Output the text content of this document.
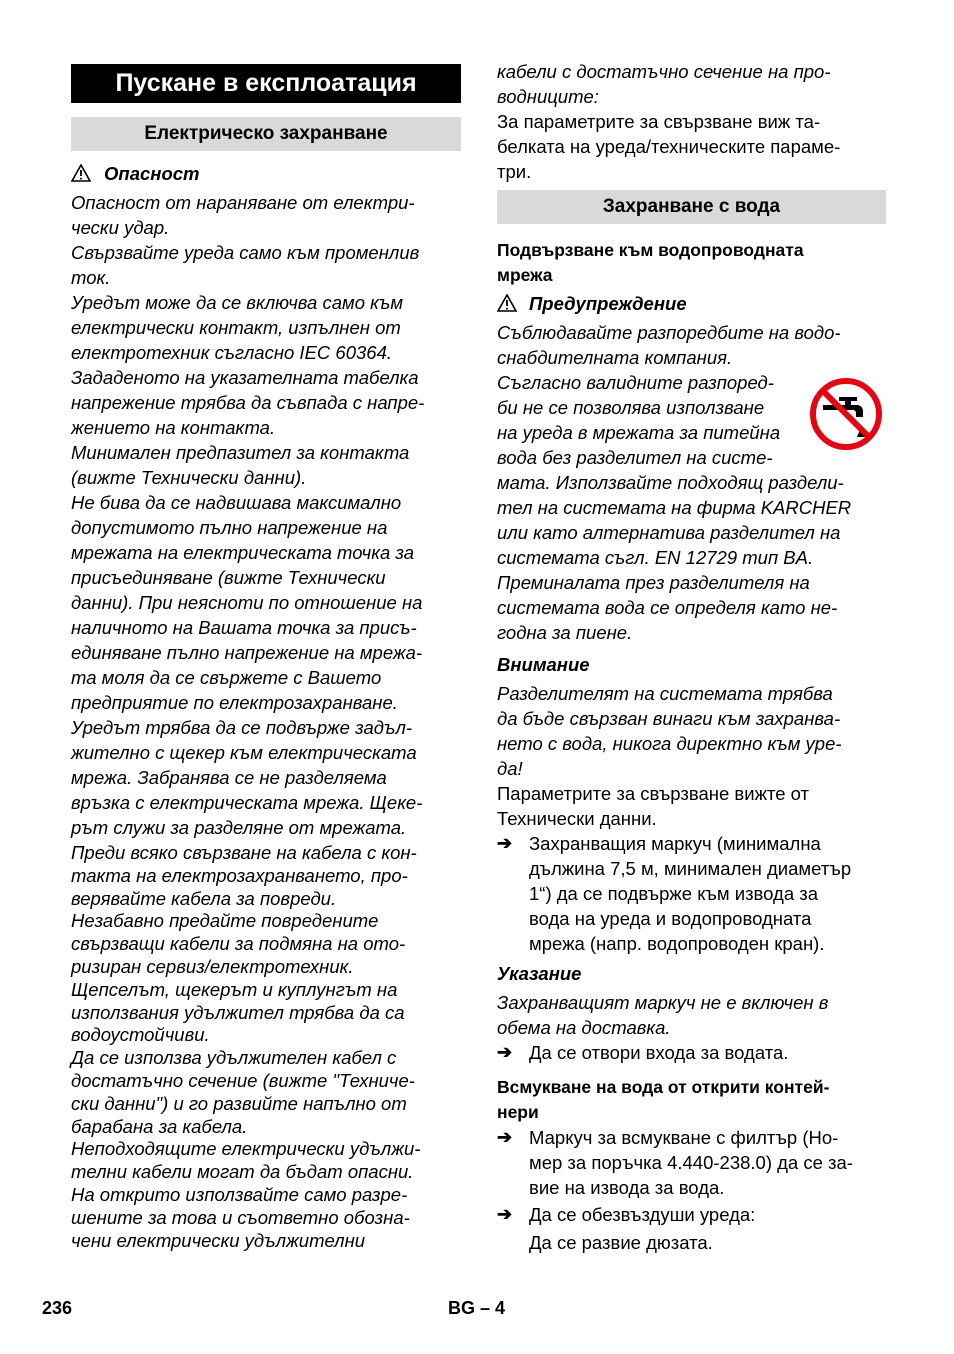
Пускане в експлоатация
Електрическо захранване
Опасност
Опасност от нараняване от електри-
чески удар.
Свързвайте уреда само към променлив
ток.
Уредът може да се включва само към
електрически контакт, изпълнен от
електротехник съгласно IEC 60364.
Зададеното на указателната табелка
напрежение трябва да съвпада с напре-
жението на контакта.
Минимален предпазител за контакта
(вижте Технически данни).
Не бива да се надвишава максимално
допустимото пълно напрежение на
мрежата на електрическата точка за
присъединяване (вижте Технически
данни). При неяснoти по отношение на
наличното на Вашата точка за присъ-
единяване пълно напрежение на мрежа-
та моля да се свържете с Вашето
предприятие по електрозахранване.
Уредът трябва да се подвърже задъл-
жително с щекер към електрическата
мрежа. Забранява се не разделяема
връзка с електрическата мрежа. Щеке-
рът служи за разделяне от мрежата.
Преди всяко свързване на кабела с кон-
такта на електрозахранването, про-
верявайте кабела за повреди.
Незабавно предайте повредените
свързващи кабели за подмяна на ото-
ризиран сервиз/електротехник.
Щепселът, щекерът и куплунгът на
използвания удължител трябва да са
водоустойчиви.
Да се използва удължителен кабел с
достатъчно сечение (вижте "Техниче-
ски данни") и го развийте напълно от
барабана за кабела.
Неподходящите електрически удължи-
телни кабели могат да бъдат опасни.
На открито използвайте само разре-
шените за това и съответно обозна-
чени електрически удължителни
кабели с достатъчно сечение на про-
водниците:
За параметрите за свързване виж та-
белката на уреда/техническите параме-
три.
Захранване с вода
Подвързване към водопроводната
мрежа
Предупреждение
Съблюдавайте разпоредбите на водо-
снабдителната компания.
Съгласно валидните разпоред-
би не се позволява използване
на уреда в мрежата за питейна
вода без разделител на систе-
мата. Използвайте подходящ раздели-
тел на системата на фирма KARCHER
или като алтернатива разделител на
системата съгл. EN 12729 тип BA.
Преминалата през разделителя на
системата вода се определя като не-
годна за пиене.
Внимание
Разделителят на системата трябва
да бъде свързван винаги към захранва-
нето с вода, никога директно към уре-
да!
Параметрите за свързване вижте от
Технически данни.
➔ Захранващия маркуч (минимална
дължина 7,5 м, минимален диаметър
1“) да се подвърже към извода за
вода на уреда и водопроводната
мрежа (напр. водопроводен кран).
Указание
Захранващият маркуч не е включен в
обема на доставка.
➔ Да се отвори входа за водата.
Всмукване на вода от открити контей-
нери
➔ Маркуч за всмукване с филтър (Но-
мер за поръчка 4.440-238.0) да се за-
вие на извода за вода.
➔ Да се обезвъздуши уреда:
Да се развие дюзата.
236	BG – 4
